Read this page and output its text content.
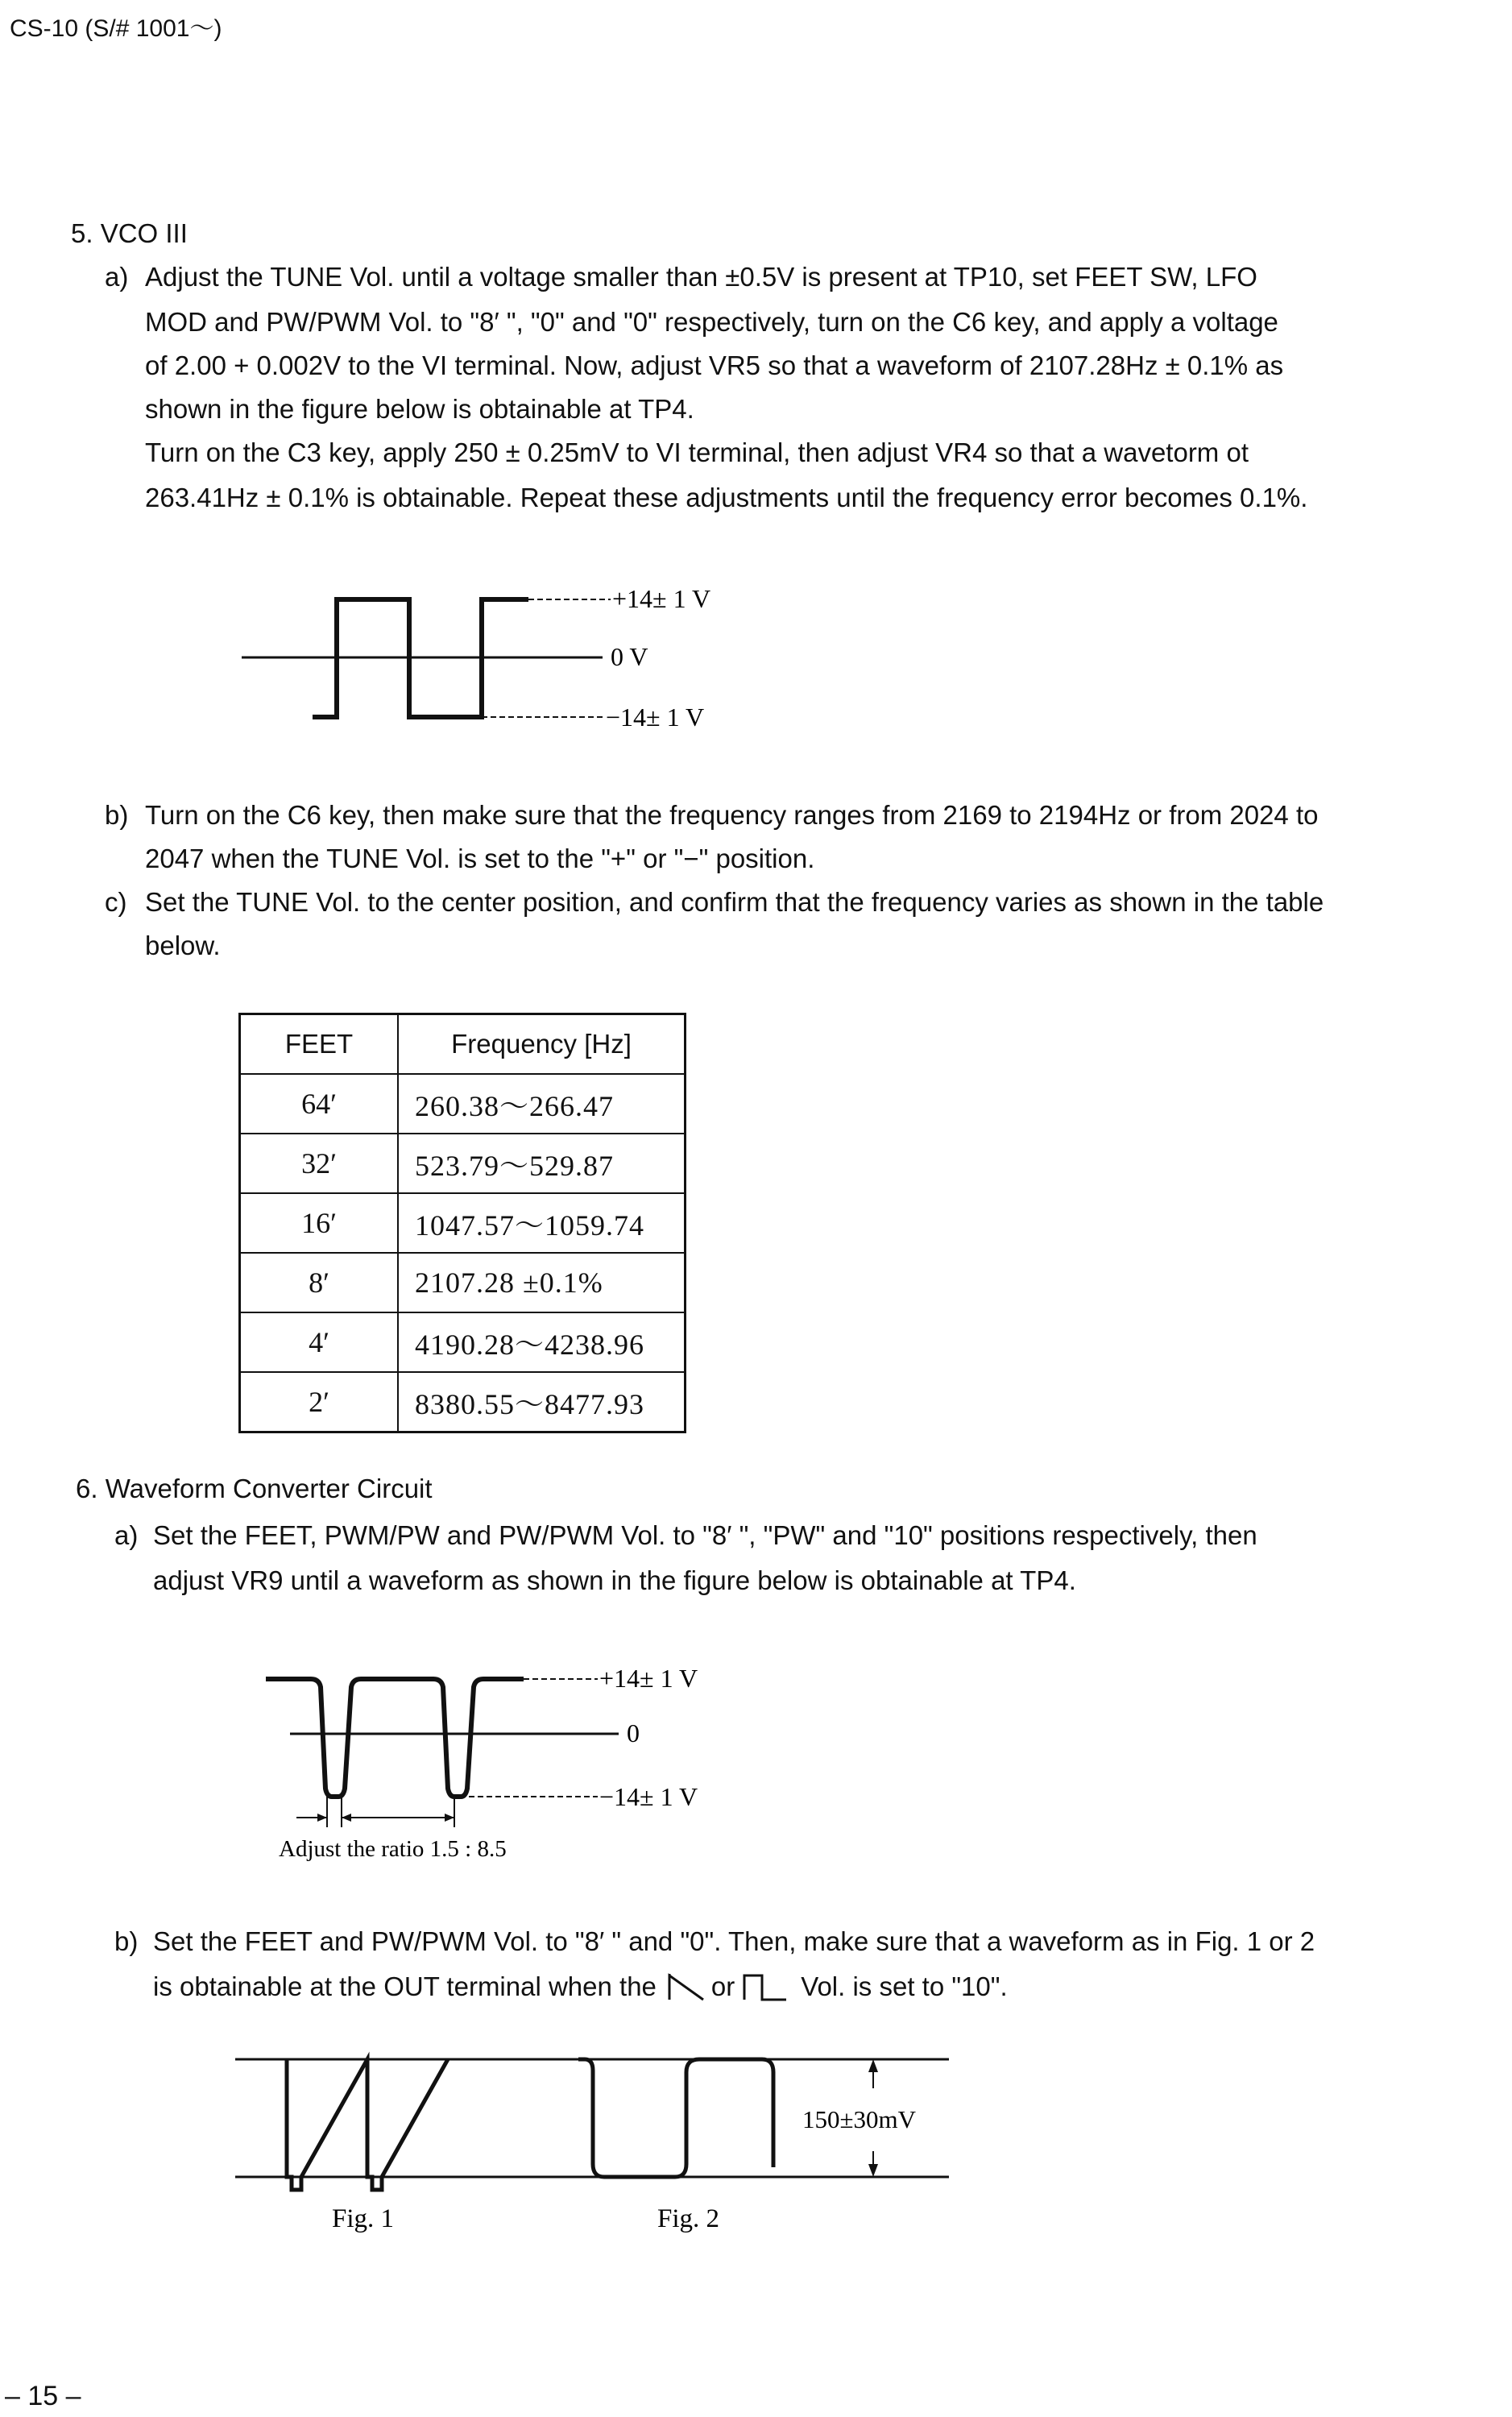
CS-10 (S/# 1001～)
5. VCO III
a) Adjust the TUNE Vol. until a voltage smaller than ±0.5V is present at TP10, set FEET SW, LFO
MOD and PW/PWM Vol. to "8′ ", "0" and "0" respectively, turn on the C6 key, and apply a voltage
of 2.00 + 0.002V to the VI terminal. Now, adjust VR5 so that a waveform of 2107.28Hz ± 0.1% as
shown in the figure below is obtainable at TP4.
Turn on the C3 key, apply 250 ± 0.25mV to VI terminal, then adjust VR4 so that a wavetorm ot
263.41Hz ± 0.1% is obtainable. Repeat these adjustments until the frequency error becomes 0.1%.
+14± 1 V
0 V
−14± 1 V
b) Turn on the C6 key, then make sure that the frequency ranges from 2169 to 2194Hz or from 2024 to
2047 when the TUNE Vol. is set to the "+" or "−" position.
c) Set the TUNE Vol. to the center position, and confirm that the frequency varies as shown in the table
below.
FEET	Frequency [Hz]
64′	260.38～266.47
32′	523.79～529.87
16′	1047.57～1059.74
8′	2107.28 ±0.1%
4′	4190.28～4238.96
2′	8380.55～8477.93
6. Waveform Converter Circuit
a) Set the FEET, PWM/PW and PW/PWM Vol. to "8′ ", "PW" and "10" positions respectively, then
adjust VR9 until a waveform as shown in the figure below is obtainable at TP4.
+14± 1 V
0
−14± 1 V
Adjust the ratio 1.5 : 8.5
b) Set the FEET and PW/PWM Vol. to "8′ " and "0". Then, make sure that a waveform as in Fig. 1 or 2
is obtainable at the OUT terminal when the or Vol. is set to "10".
150±30mV
Fig. 1	Fig. 2
– 15 –
